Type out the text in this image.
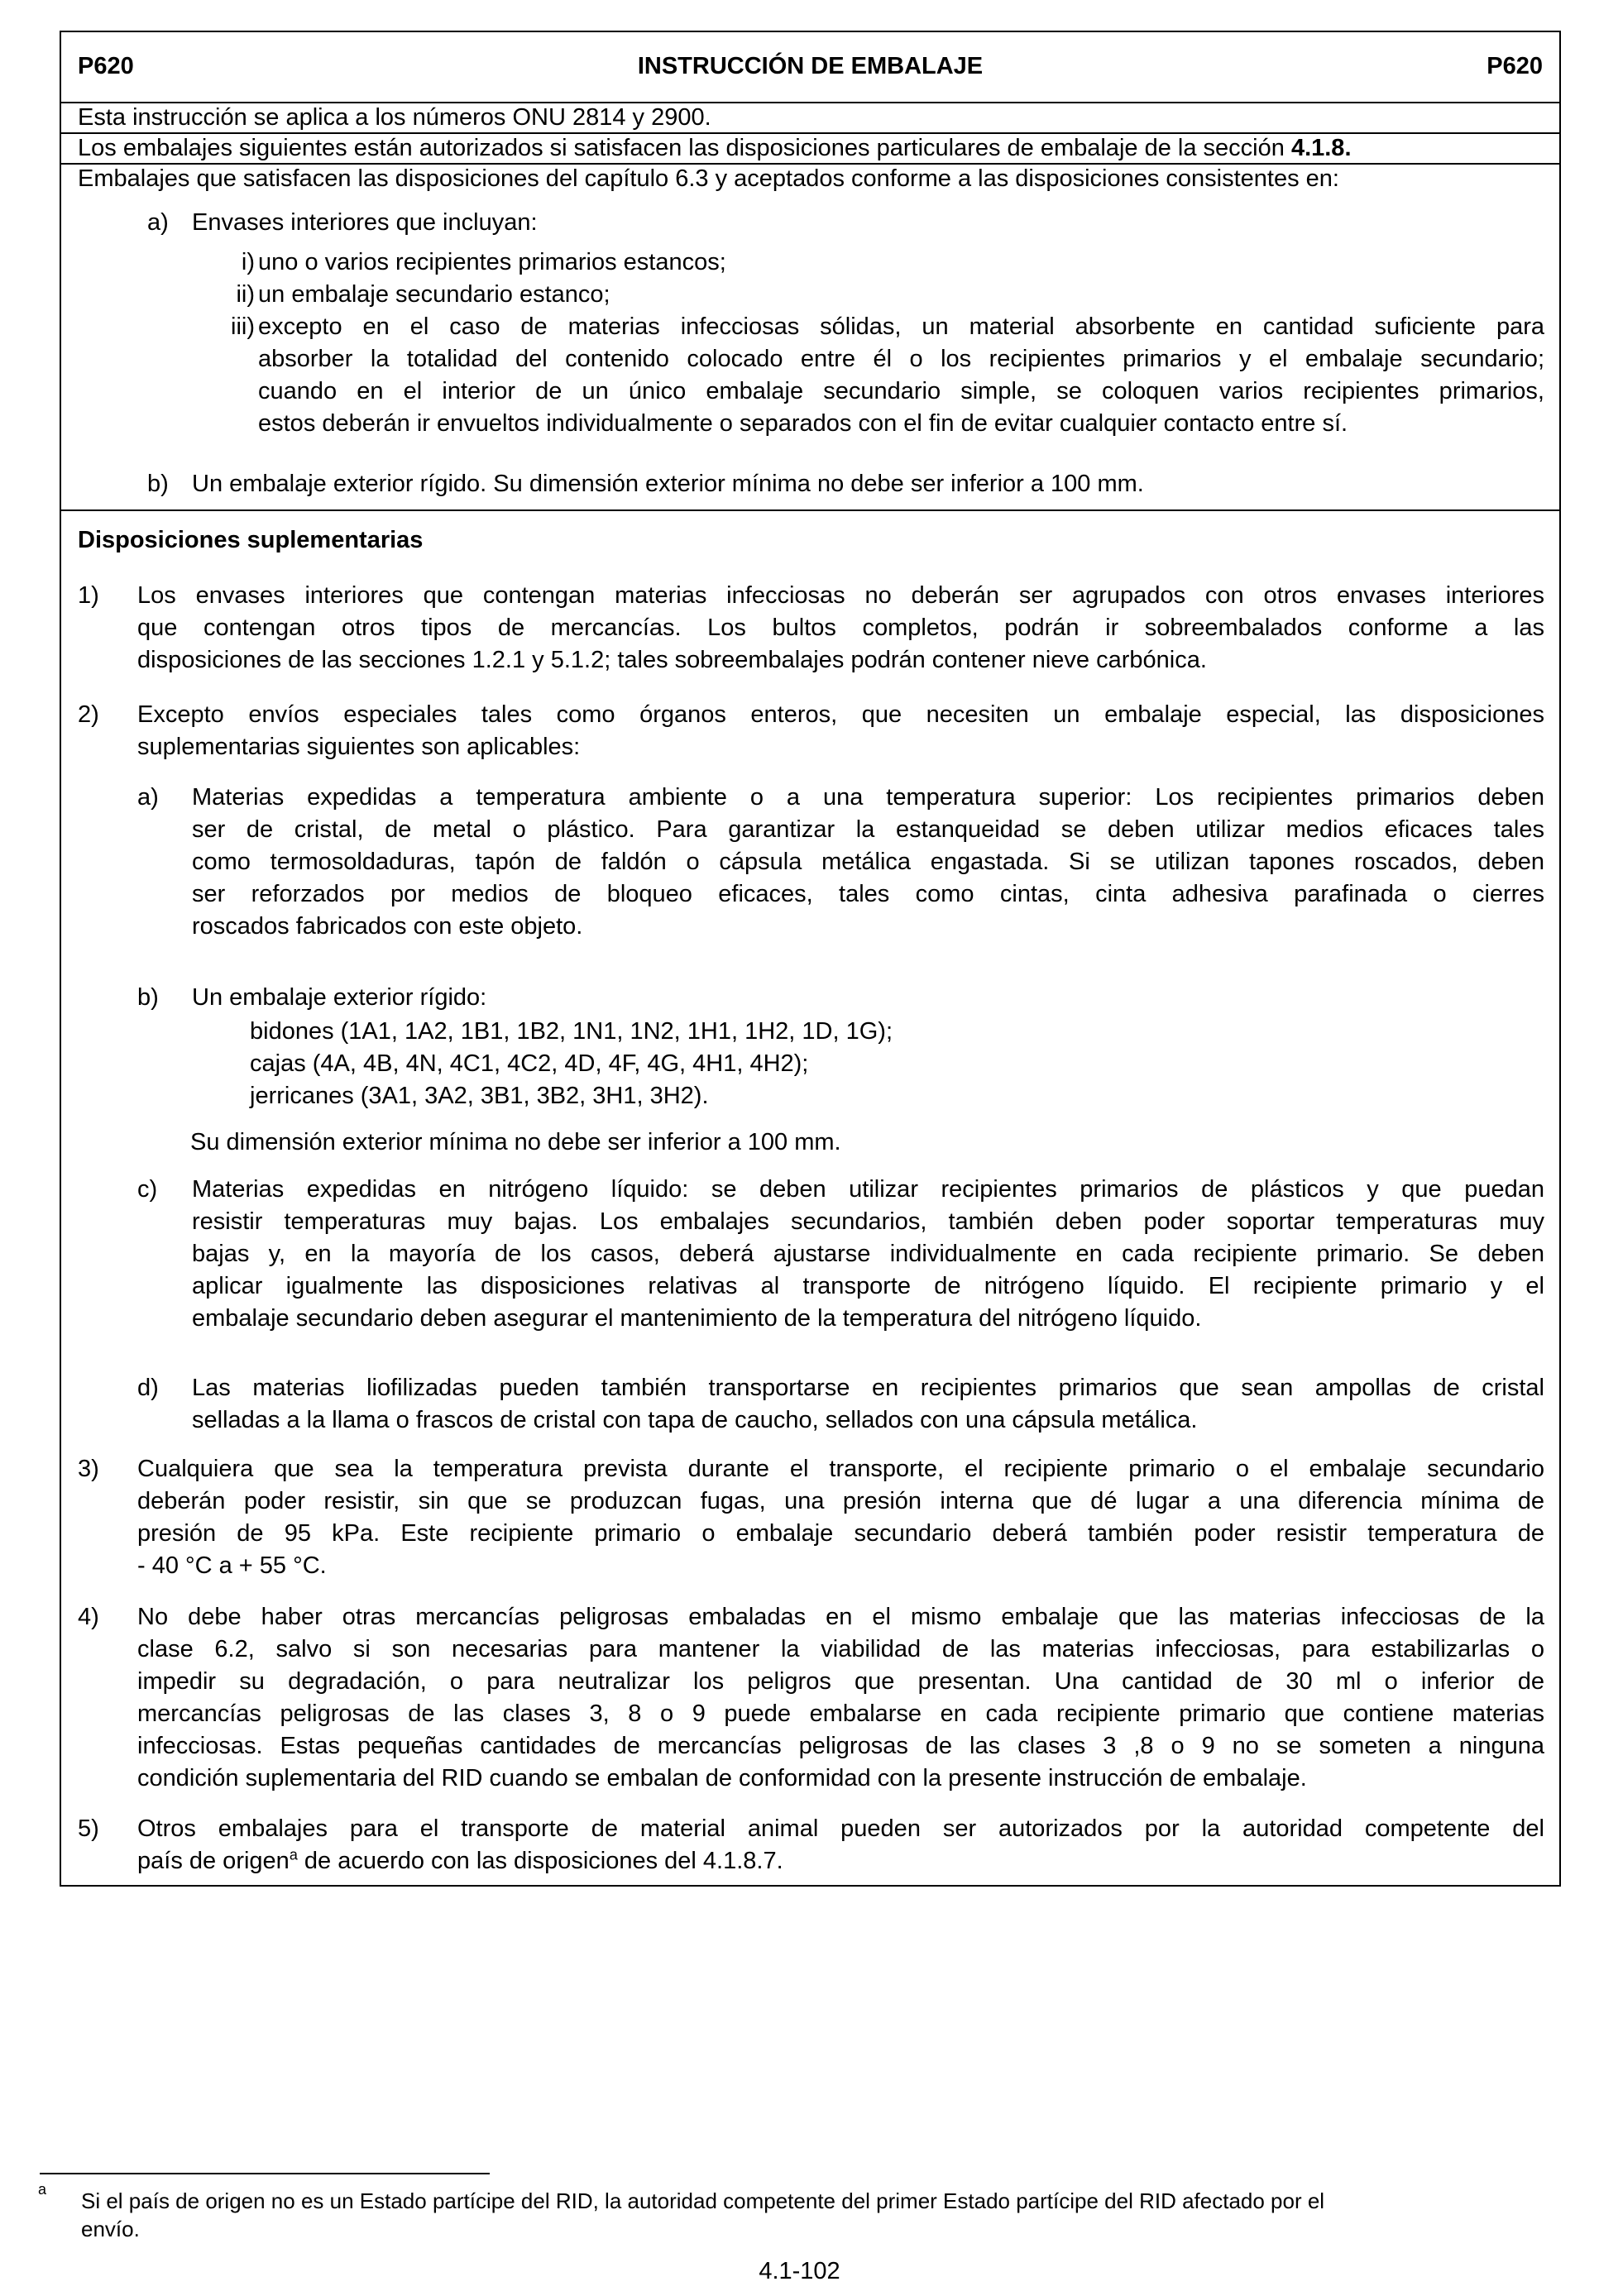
P620	INSTRUCCIÓN DE EMBALAJE	P620
Esta instrucción se aplica a los números ONU 2814 y 2900.
Los embalajes siguientes están autorizados si satisfacen las disposiciones particulares de embalaje de la sección 4.1.8.
Embalajes que satisfacen las disposiciones del capítulo 6.3 y aceptados conforme a las disposiciones consistentes en:
a) Envases interiores que incluyan:
i) uno o varios recipientes primarios estancos;
ii) un embalaje secundario estanco;
iii) excepto en el caso de materias infecciosas sólidas, un material absorbente en cantidad suficiente para
absorber la totalidad del contenido colocado entre él o los recipientes primarios y el embalaje secundario;
cuando en el interior de un único embalaje secundario simple, se coloquen varios recipientes primarios,
estos deberán ir envueltos individualmente o separados con el fin de evitar cualquier contacto entre sí.
b) Un embalaje exterior rígido. Su dimensión exterior mínima no debe ser inferior a 100 mm.
Disposiciones suplementarias
1) Los envases interiores que contengan materias infecciosas no deberán ser agrupados con otros envases interiores
que contengan otros tipos de mercancías. Los bultos completos, podrán ir sobreembalados conforme a las
disposiciones de las secciones 1.2.1 y 5.1.2; tales sobreembalajes podrán contener nieve carbónica.
2) Excepto envíos especiales tales como órganos enteros, que necesiten un embalaje especial, las disposiciones
suplementarias siguientes son aplicables:
a) Materias expedidas a temperatura ambiente o a una temperatura superior: Los recipientes primarios deben
ser de cristal, de metal o plástico. Para garantizar la estanqueidad se deben utilizar medios eficaces tales
como termosoldaduras, tapón de faldón o cápsula metálica engastada. Si se utilizan tapones roscados, deben
ser reforzados por medios de bloqueo eficaces, tales como cintas, cinta adhesiva parafinada o cierres
roscados fabricados con este objeto.
b) Un embalaje exterior rígido:
bidones (1A1, 1A2, 1B1, 1B2, 1N1, 1N2, 1H1, 1H2, 1D, 1G);
cajas (4A, 4B, 4N, 4C1, 4C2, 4D, 4F, 4G, 4H1, 4H2);
jerricanes (3A1, 3A2, 3B1, 3B2, 3H1, 3H2).
Su dimensión exterior mínima no debe ser inferior a 100 mm.
c) Materias expedidas en nitrógeno líquido: se deben utilizar recipientes primarios de plásticos y que puedan
resistir temperaturas muy bajas. Los embalajes secundarios, también deben poder soportar temperaturas muy
bajas y, en la mayoría de los casos, deberá ajustarse individualmente en cada recipiente primario. Se deben
aplicar igualmente las disposiciones relativas al transporte de nitrógeno líquido. El recipiente primario y el
embalaje secundario deben asegurar el mantenimiento de la temperatura del nitrógeno líquido.
d) Las materias liofilizadas pueden también transportarse en recipientes primarios que sean ampollas de cristal
selladas a la llama o frascos de cristal con tapa de caucho, sellados con una cápsula metálica.
3) Cualquiera que sea la temperatura prevista durante el transporte, el recipiente primario o el embalaje secundario
deberán poder resistir, sin que se produzcan fugas, una presión interna que dé lugar a una diferencia mínima de
presión de 95 kPa. Este recipiente primario o embalaje secundario deberá también poder resistir temperatura de
- 40 °C a + 55 °C.
4) No debe haber otras mercancías peligrosas embaladas en el mismo embalaje que las materias infecciosas de la
clase 6.2, salvo si son necesarias para mantener la viabilidad de las materias infecciosas, para estabilizarlas o
impedir su degradación, o para neutralizar los peligros que presentan. Una cantidad de 30 ml o inferior de
mercancías peligrosas de las clases 3, 8 o 9 puede embalarse en cada recipiente primario que contiene materias
infecciosas. Estas pequeñas cantidades de mercancías peligrosas de las clases 3 ,8 o 9 no se someten a ninguna
condición suplementaria del RID cuando se embalan de conformidad con la presente instrucción de embalaje.
5) Otros embalajes para el transporte de material animal pueden ser autorizados por la autoridad competente del
país de origen$^a$ de acuerdo con las disposiciones del 4.1.8.7.
a Si el país de origen no es un Estado partícipe del RID, la autoridad competente del primer Estado partícipe del RID afectado por el
envío.
4.1-102
